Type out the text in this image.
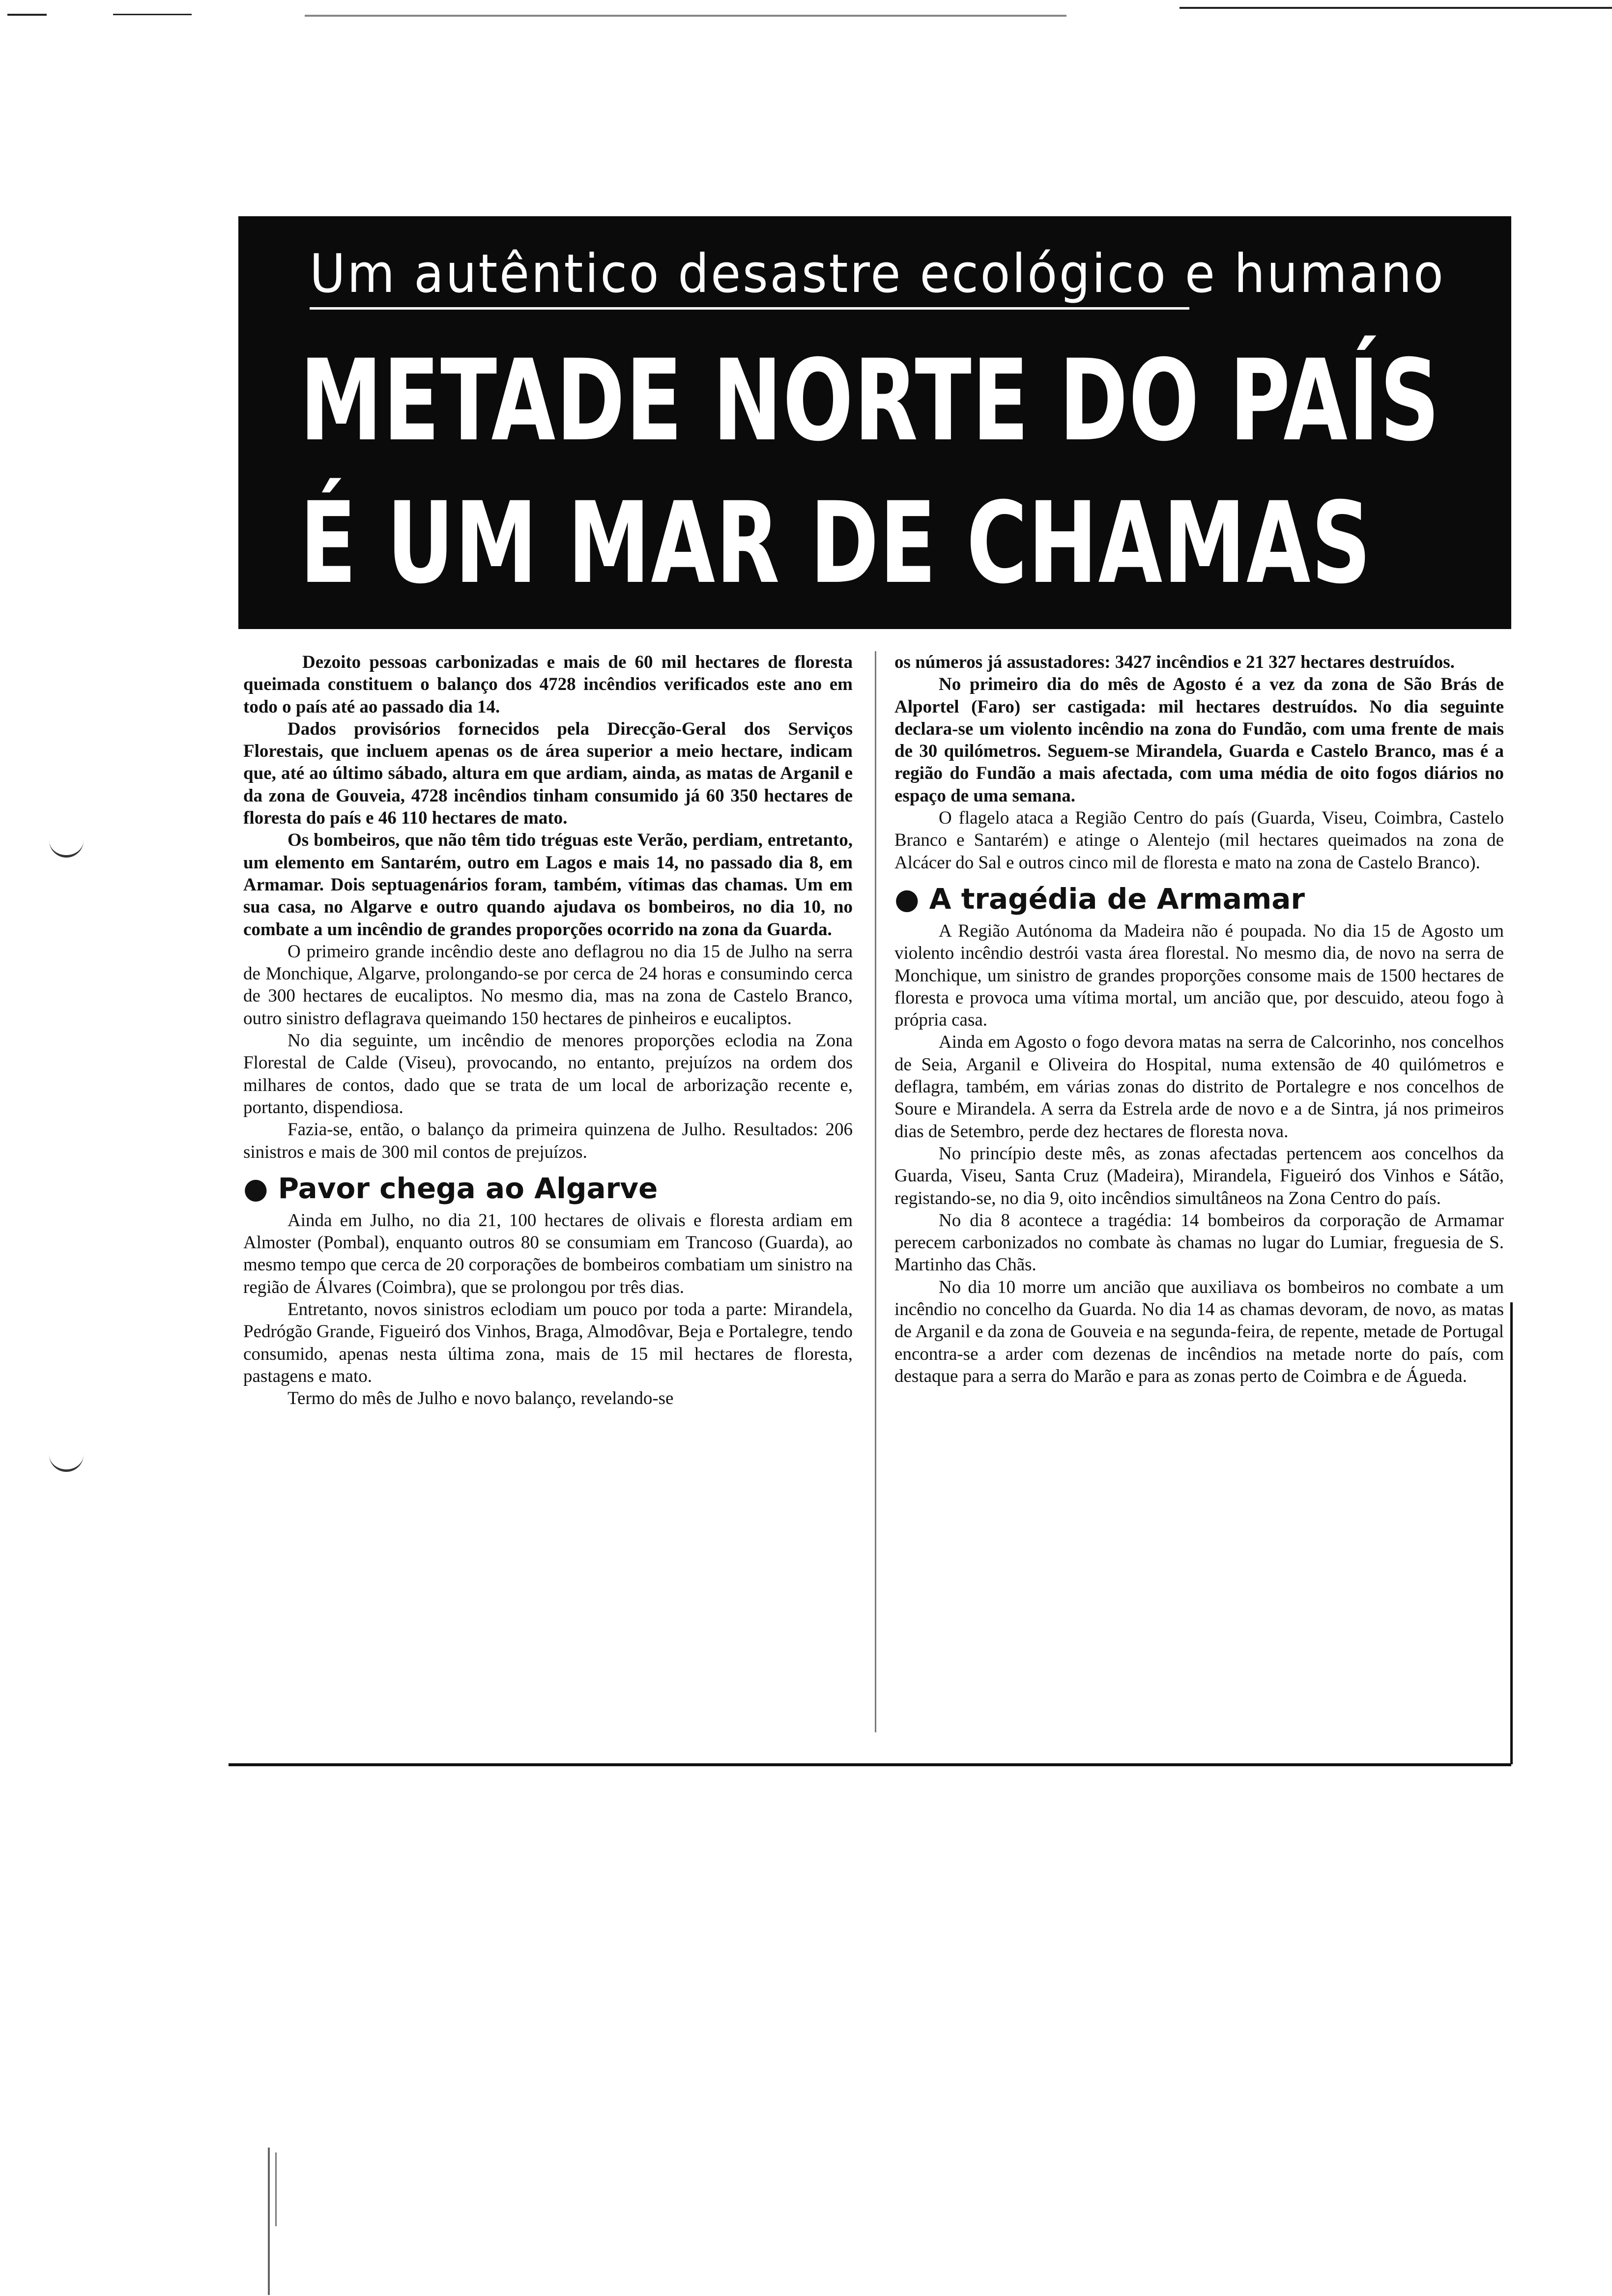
Um autêntico desastre ecológico e humano
METADE NORTE DO PAÍS
É UM MAR DE CHAMAS

Dezoito pessoas carbonizadas e mais de 60 mil hectares de floresta queimada constituem o balanço dos 4728 incêndios verificados este ano em todo o país até ao passado dia 14.

Dados provisórios fornecidos pela Direcção-Geral dos Serviços Florestais, que incluem apenas os de área superior a meio hectare, indicam que, até ao último sábado, altura em que ardiam, ainda, as matas de Arganil e da zona de Gouveia, 4728 incêndios tinham consumido já 60 350 hectares de floresta do país e 46 110 hectares de mato.

Os bombeiros, que não têm tido tréguas este Verão, perdiam, entretanto, um elemento em Santarém, outro em Lagos e mais 14, no passado dia 8, em Armamar. Dois septuagenários foram, também, vítimas das chamas. Um em sua casa, no Algarve e outro quando ajudava os bombeiros, no dia 10, no combate a um incêndio de grandes proporções ocorrido na zona da Guarda.

O primeiro grande incêndio deste ano deflagrou no dia 15 de Julho na serra de Monchique, Algarve, prolongando-se por cerca de 24 horas e consumindo cerca de 300 hectares de eucaliptos. No mesmo dia, mas na zona de Castelo Branco, outro sinistro deflagrava queimando 150 hectares de pinheiros e eucaliptos.

No dia seguinte, um incêndio de menores proporções eclodia na Zona Florestal de Calde (Viseu), provocando, no entanto, prejuízos na ordem dos milhares de contos, dado que se trata de um local de arborização recente e, portanto, dispendiosa.

Fazia-se, então, o balanço da primeira quinzena de Julho. Resultados: 206 sinistros e mais de 300 mil contos de prejuízos.

● Pavor chega ao Algarve

Ainda em Julho, no dia 21, 100 hectares de olivais e floresta ardiam em Almoster (Pombal), enquanto outros 80 se consumiam em Trancoso (Guarda), ao mesmo tempo que cerca de 20 corporações de bombeiros combatiam um sinistro na região de Álvares (Coimbra), que se prolongou por três dias.

Entretanto, novos sinistros eclodiam um pouco por toda a parte: Mirandela, Pedrógão Grande, Figueiró dos Vinhos, Braga, Almodôvar, Beja e Portalegre, tendo consumido, apenas nesta última zona, mais de 15 mil hectares de floresta, pastagens e mato.

Termo do mês de Julho e novo balanço, revelando-se

os números já assustadores: 3427 incêndios e 21 327 hectares destruídos.

No primeiro dia do mês de Agosto é a vez da zona de São Brás de Alportel (Faro) ser castigada: mil hectares destruídos. No dia seguinte declara-se um violento incêndio na zona do Fundão, com uma frente de mais de 30 quilómetros. Seguem-se Mirandela, Guarda e Castelo Branco, mas é a região do Fundão a mais afectada, com uma média de oito fogos diários no espaço de uma semana.

O flagelo ataca a Região Centro do país (Guarda, Viseu, Coimbra, Castelo Branco e Santarém) e atinge o Alentejo (mil hectares queimados na zona de Alcácer do Sal e outros cinco mil de floresta e mato na zona de Castelo Branco).

● A tragédia de Armamar

A Região Autónoma da Madeira não é poupada. No dia 15 de Agosto um violento incêndio destrói vasta área florestal. No mesmo dia, de novo na serra de Monchique, um sinistro de grandes proporções consome mais de 1500 hectares de floresta e provoca uma vítima mortal, um ancião que, por descuido, ateou fogo à própria casa.

Ainda em Agosto o fogo devora matas na serra de Calcorinho, nos concelhos de Seia, Arganil e Oliveira do Hospital, numa extensão de 40 quilómetros e deflagra, também, em várias zonas do distrito de Portalegre e nos concelhos de Soure e Mirandela. A serra da Estrela arde de novo e a de Sintra, já nos primeiros dias de Setembro, perde dez hectares de floresta nova.

No princípio deste mês, as zonas afectadas pertencem aos concelhos da Guarda, Viseu, Santa Cruz (Madeira), Mirandela, Figueiró dos Vinhos e Sátão, registando-se, no dia 9, oito incêndios simultâneos na Zona Centro do país.

No dia 8 acontece a tragédia: 14 bombeiros da corporação de Armamar perecem carbonizados no combate às chamas no lugar do Lumiar, freguesia de S. Martinho das Chãs.

No dia 10 morre um ancião que auxiliava os bombeiros no combate a um incêndio no concelho da Guarda. No dia 14 as chamas devoram, de novo, as matas de Arganil e da zona de Gouveia e na segunda-feira, de repente, metade de Portugal encontra-se a arder com dezenas de incêndios na metade norte do país, com destaque para a serra do Marão e para as zonas perto de Coimbra e de Águeda.
